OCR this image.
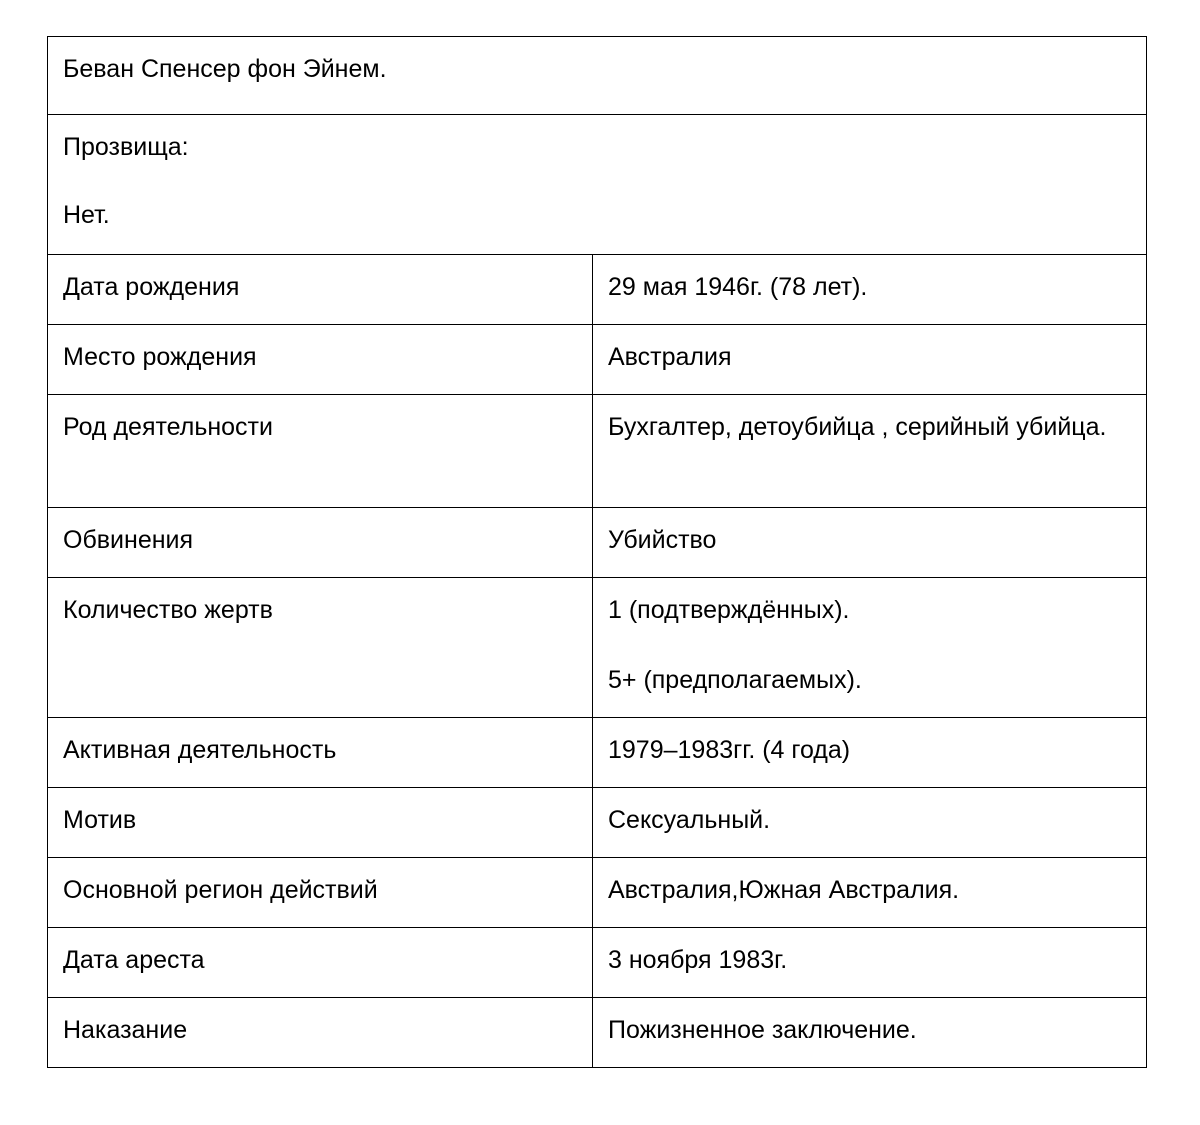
Беван Спенсер фон Эйнем.	

Прозвища:
Нет.	

Дата рождения	29 мая 1946г. (78 лет).
Место рождения	Австралия
Род деятельности	Бухгалтер, детоубийца , серийный убийца.

Обвинения	Убийство
Количество жертв	1 (подтверждённых).
5+ (предполагаемых).

Активная деятельность	1979–1983гг. (4 года)
Мотив	Сексуальный.
Основной регион действий	Австралия,Южная Австралия.
Дата ареста	3 ноября 1983г.
Наказание	Пожизненное заключение.
